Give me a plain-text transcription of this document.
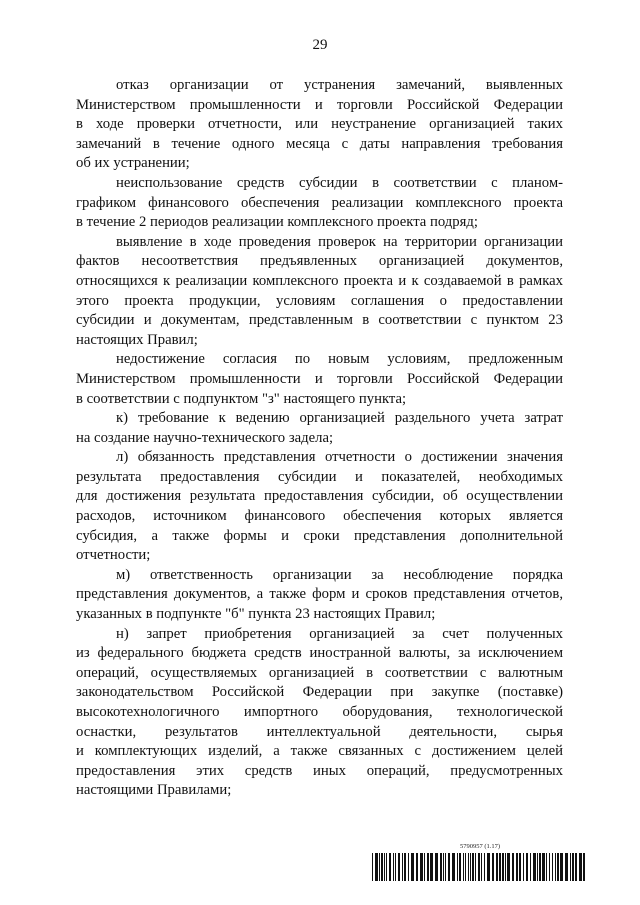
29
отказ организации от устранения замечаний, выявленных
Министерством промышленности и торговли Российской Федерации
в ходе проверки отчетности, или неустранение организацией таких
замечаний в течение одного месяца с даты направления требования
об их устранении;
неиспользование средств субсидии в соответствии с планом-
графиком финансового обеспечения реализации комплексного проекта
в течение 2 периодов реализации комплексного проекта подряд;
выявление в ходе проведения проверок на территории организации
фактов несоответствия предъявленных организацией документов,
относящихся к реализации комплексного проекта и к создаваемой в рамках
этого проекта продукции, условиям соглашения о предоставлении
субсидии и документам, представленным в соответствии с пунктом 23
настоящих Правил;
недостижение согласия по новым условиям, предложенным
Министерством промышленности и торговли Российской Федерации
в соответствии с подпунктом "з" настоящего пункта;
к) требование к ведению организацией раздельного учета затрат
на создание научно-технического задела;
л) обязанность представления отчетности о достижении значения
результата предоставления субсидии и показателей, необходимых
для достижения результата предоставления субсидии, об осуществлении
расходов, источником финансового обеспечения которых является
субсидия, а также формы и сроки представления дополнительной
отчетности;
м) ответственность организации за несоблюдение порядка
представления документов, а также форм и сроков представления отчетов,
указанных в подпункте "б" пункта 23 настоящих Правил;
н) запрет приобретения организацией за счет полученных
из федерального бюджета средств иностранной валюты, за исключением
операций, осуществляемых организацией в соответствии с валютным
законодательством Российской Федерации при закупке (поставке)
высокотехнологичного импортного оборудования, технологической
оснастки, результатов интеллектуальной деятельности, сырья
и комплектующих изделий, а также связанных с достижением целей
предоставления этих средств иных операций, предусмотренных
настоящими Правилами;
5790957 (1.17)
